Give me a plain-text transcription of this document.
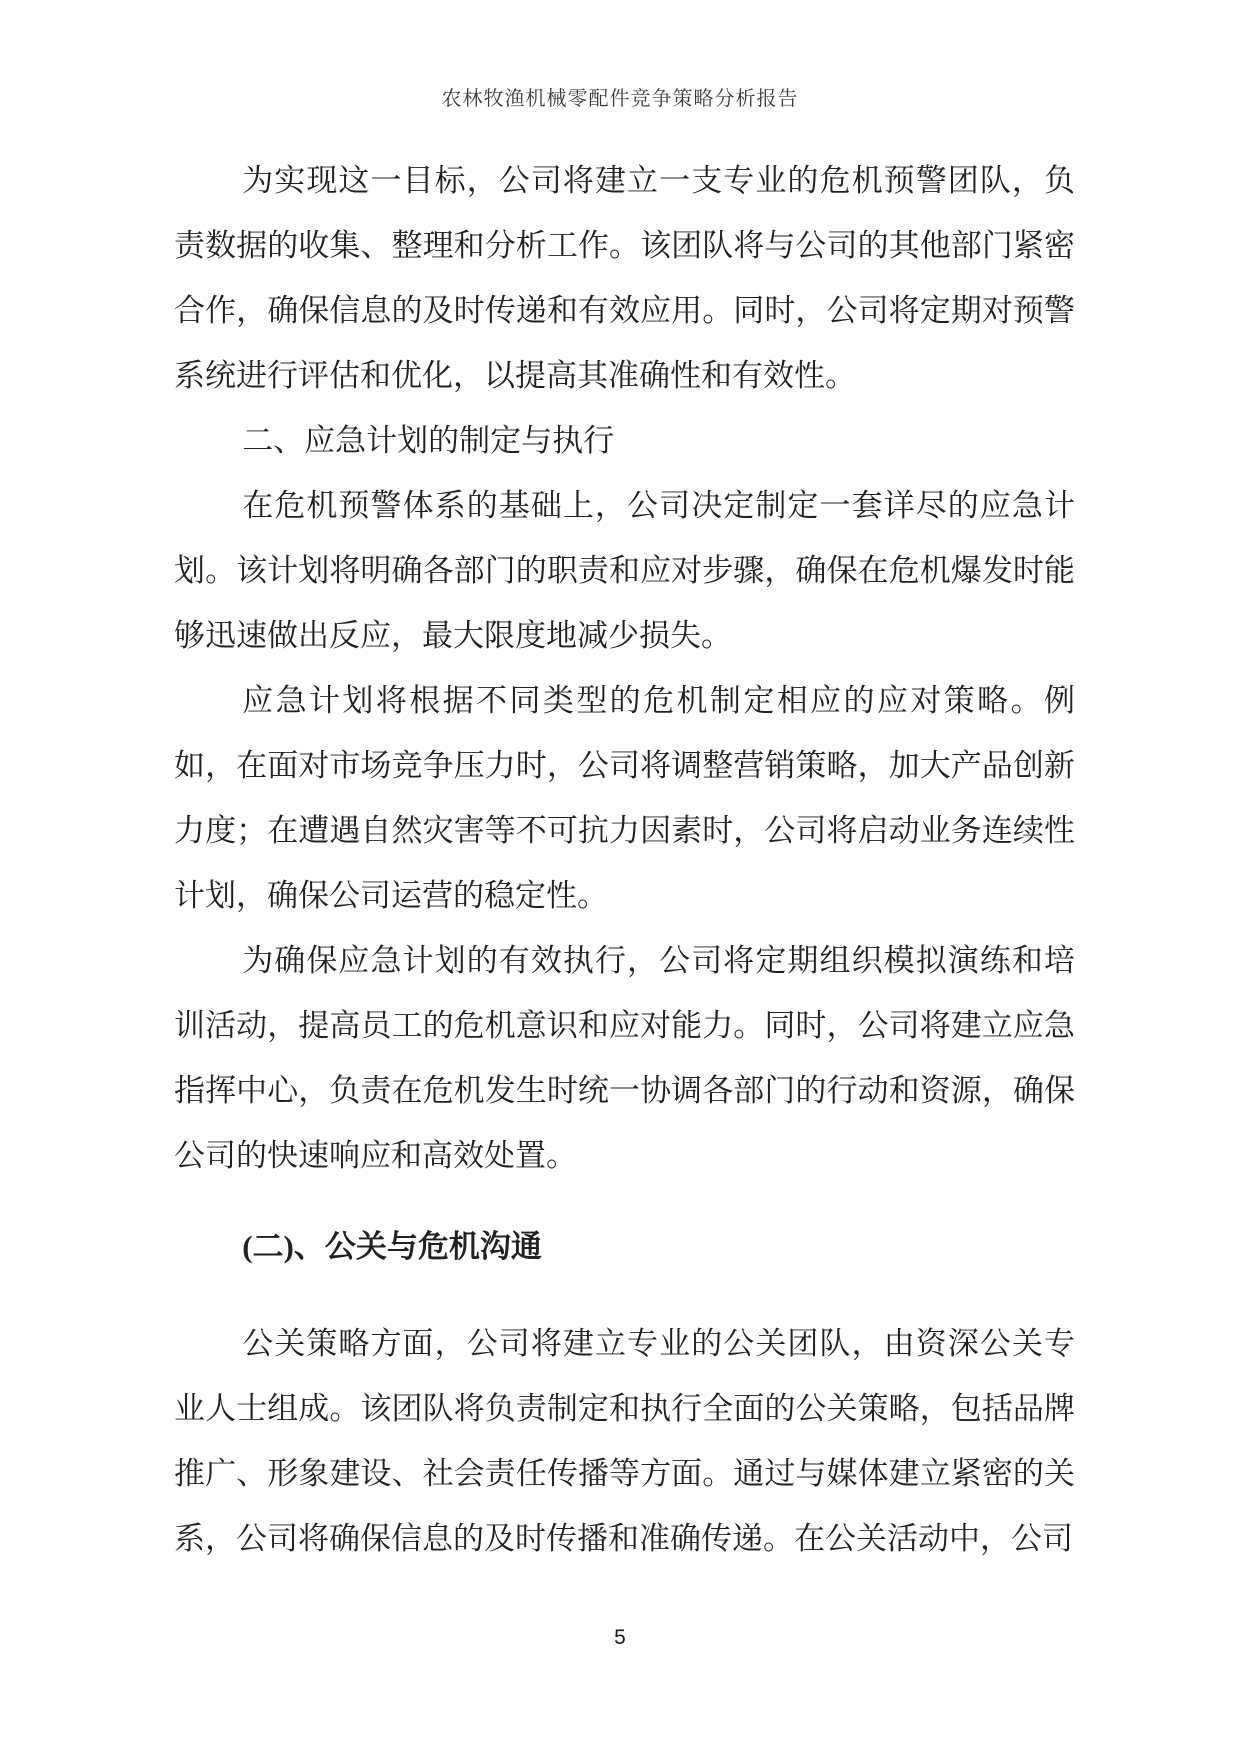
农林牧渔机械零配件竞争策略分析报告

为实现这一目标，公司将建立一支专业的危机预警团队，负责数据的收集、整理和分析工作。该团队将与公司的其他部门紧密合作，确保信息的及时传递和有效应用。同时，公司将定期对预警系统进行评估和优化，以提高其准确性和有效性。

二、应急计划的制定与执行

在危机预警体系的基础上，公司决定制定一套详尽的应急计划。该计划将明确各部门的职责和应对步骤，确保在危机爆发时能够迅速做出反应，最大限度地减少损失。

应急计划将根据不同类型的危机制定相应的应对策略。例如，在面对市场竞争压力时，公司将调整营销策略，加大产品创新力度；在遭遇自然灾害等不可抗力因素时，公司将启动业务连续性计划，确保公司运营的稳定性。

为确保应急计划的有效执行，公司将定期组织模拟演练和培训活动，提高员工的危机意识和应对能力。同时，公司将建立应急指挥中心，负责在危机发生时统一协调各部门的行动和资源，确保公司的快速响应和高效处置。

(二)、公关与危机沟通

公关策略方面，公司将建立专业的公关团队，由资深公关专业人士组成。该团队将负责制定和执行全面的公关策略，包括品牌推广、形象建设、社会责任传播等方面。通过与媒体建立紧密的关系，公司将确保信息的及时传播和准确传递。在公关活动中，公司

5
